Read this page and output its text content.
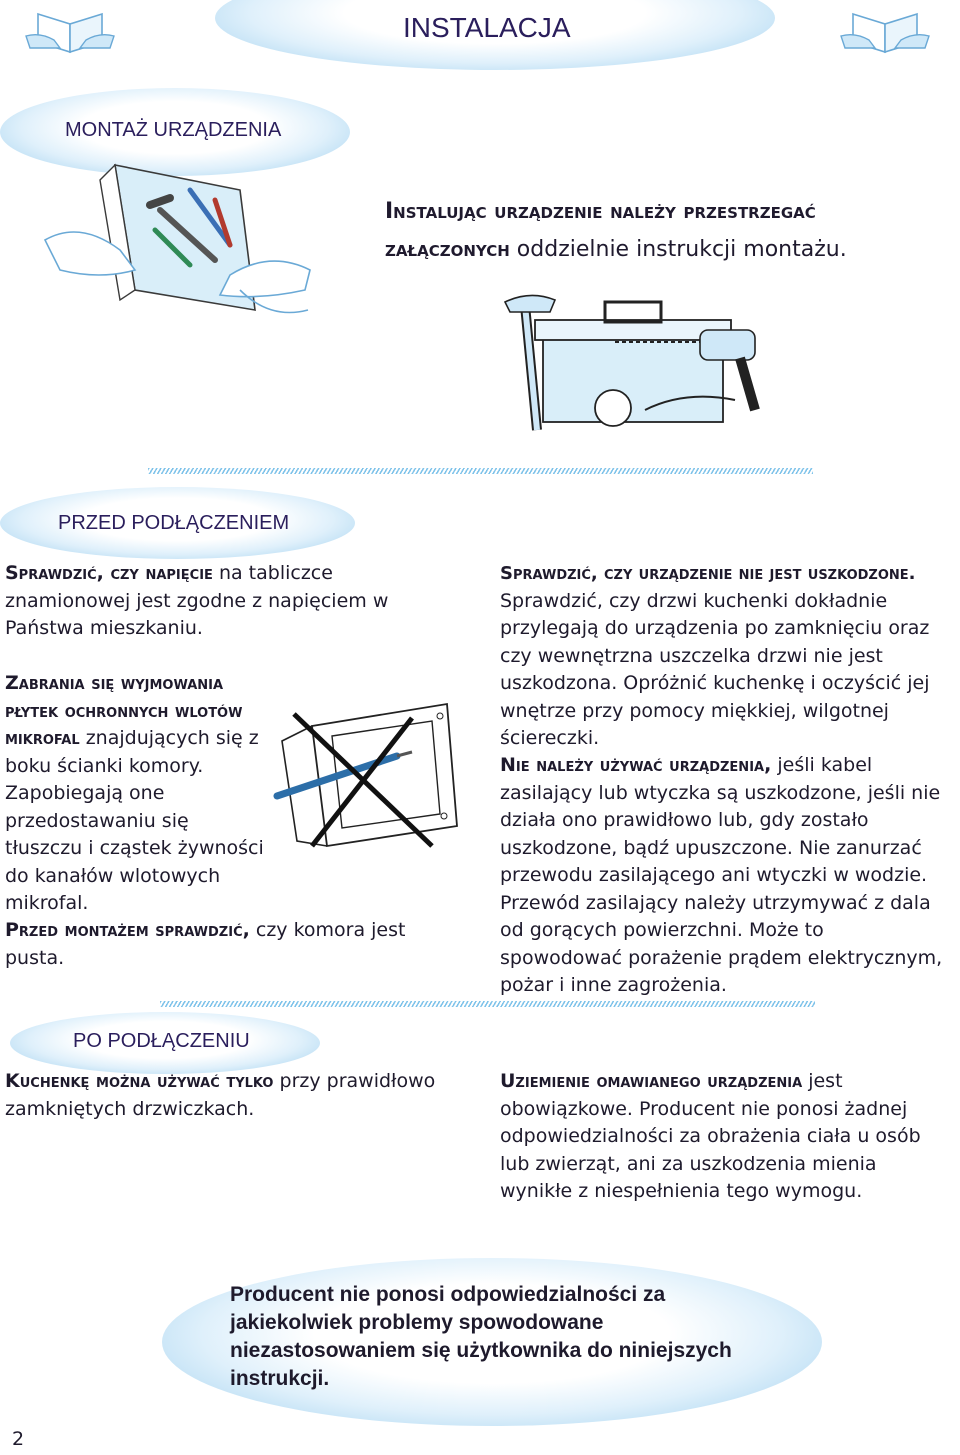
INSTALACJA
MONTAŻ URZĄDZENIA
Instalując urządzenie należy przestrzegać załączonych oddzielnie instrukcji montażu.
PRZED PODŁĄCZENIEM
Sprawdzić, czy napięcie na tabliczce znamionowej jest zgodne z napięciem w Państwa mieszkaniu.
Zabrania się wyjmowania płytek ochronnych wlotów mikrofal znajdujących się z boku ścianki komory. Zapobiegają one przedostawaniu się tłuszczu i cząstek żywności do kanałów wlotowych mikrofal.
Przed montażem sprawdzić, czy komora jest pusta.
Sprawdzić, czy urządzenie nie jest uszkodzone.
Sprawdzić, czy drzwi kuchenki dokładnie przylegają do urządzenia po zamknięciu oraz czy wewnętrzna uszczelka drzwi nie jest uszkodzona. Opróżnić kuchenkę i oczyścić jej wnętrze przy pomocy miękkiej, wilgotnej ściereczki.
Nie należy używać urządzenia, jeśli kabel zasilający lub wtyczka są uszkodzone, jeśli nie działa ono prawidłowo lub, gdy zostało uszkodzone, bądź upuszczone. Nie zanurzać przewodu zasilającego ani wtyczki w wodzie. Przewód zasilający należy utrzymywać z dala od gorących powierzchni. Może to spowodować porażenie prądem elektrycznym, pożar i inne zagrożenia.
PO PODŁĄCZENIU
Kuchenkę można używać tylko przy prawidłowo zamkniętych drzwiczkach.
Uziemienie omawianego urządzenia jest obowiązkowe. Producent nie ponosi żadnej odpowiedzialności za obrażenia ciała u osób lub zwierząt, ani za uszkodzenia mienia wynikłe z niespełnienia tego wymogu.
Producent nie ponosi odpowiedzialności za jakiekolwiek problemy spowodowane niezastosowaniem się użytkownika do niniejszych instrukcji.
2
